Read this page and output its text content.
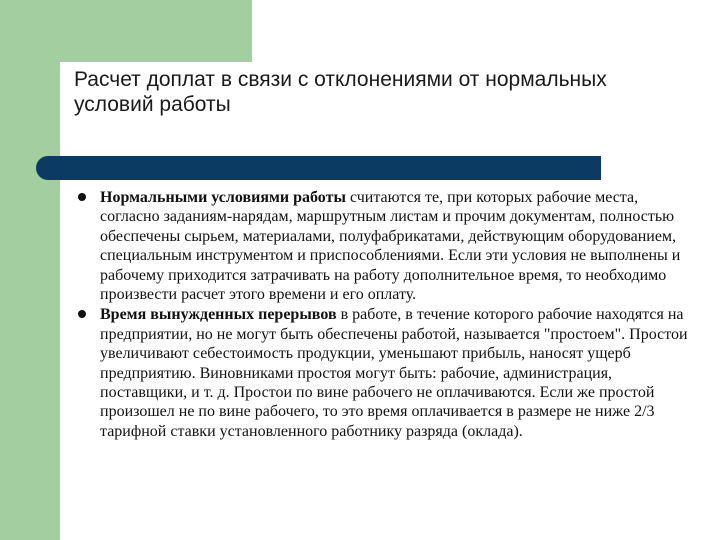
Расчет доплат в связи с отклонениями от нормальных условий работы

Нормальными условиями работы считаются те, при которых рабочие места, согласно заданиям-нарядам, маршрутным листам и прочим документам, полностью обеспечены сырьем, материалами, полуфабрикатами, действующим оборудованием, специальным инструментом и приспособлениями. Если эти условия не выполнены и рабочему приходится затрачивать на работу дополнительное время, то необходимо произвести расчет этого времени и его оплату.

Время вынужденных перерывов в работе, в течение которого рабочие находятся на предприятии, но не могут быть обеспечены работой, называется "простоем". Простои увеличивают себестоимость продукции, уменьшают прибыль, наносят ущерб предприятию. Виновниками простоя могут быть: рабочие, администрация, поставщики, и т. д. Простои по вине рабочего не оплачиваются. Если же простой произошел не по вине рабочего, то это время оплачивается в размере не ниже 2/3 тарифной ставки установленного работнику разряда (оклада).
